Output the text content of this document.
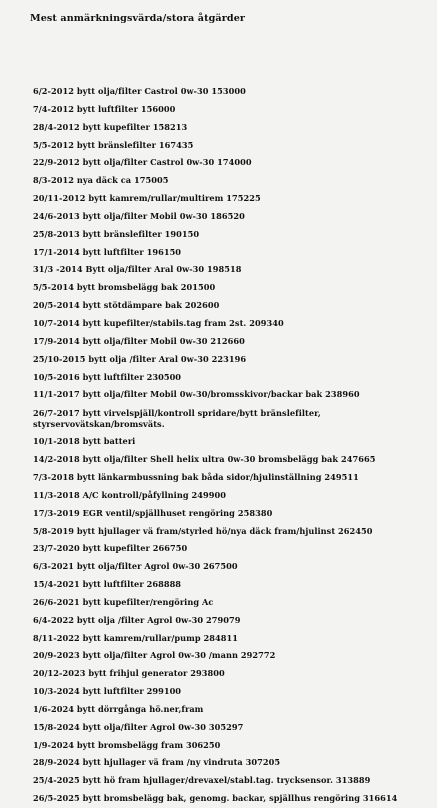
Mest anmärkningsvärda/stora åtgärder
6/2-2012 bytt olja/filter Castrol 0w-30 153000
7/4-2012 bytt luftfilter 156000
28/4-2012 bytt kupefilter 158213
5/5-2012 bytt bränslefilter 167435
22/9-2012 bytt olja/filter Castrol 0w-30 174000
8/3-2012 nya däck ca 175005
20/11-2012 bytt kamrem/rullar/multirem 175225
24/6-2013 bytt olja/filter Mobil 0w-30 186520
25/8-2013 bytt bränslefilter 190150
17/1-2014 bytt luftfilter 196150
31/3 -2014 Bytt olja/filter Aral 0w-30 198518
5/5-2014 bytt bromsbelägg bak 201500
20/5-2014 bytt stötdämpare bak 202600
10/7-2014 bytt kupefilter/stabils.tag fram 2st. 209340
17/9-2014 bytt olja/filter Mobil 0w-30 212660
25/10-2015 bytt olja /filter Aral 0w-30 223196
10/5-2016 bytt luftfilter 230500
11/1-2017 bytt olja/filter Mobil 0w-30/bromsskivor/backar bak 238960
26/7-2017 bytt virvelspjäll/kontroll spridare/bytt bränslefilter, styrservovätskan/bromsväts.
10/1-2018 bytt batteri
14/2-2018 bytt olja/filter Shell helix ultra 0w-30 bromsbelägg bak 247665
7/3-2018 bytt länkarmbussning bak båda sidor/hjulinställning 249511
11/3-2018 A/C kontroll/påfyllning 249900
17/3-2019 EGR ventil/spjällhuset rengöring 258380
5/8-2019 bytt hjullager vä fram/styrled hö/nya däck fram/hjulinst 262450
23/7-2020 bytt kupefilter 266750
6/3-2021 bytt olja/filter Agrol 0w-30 267500
15/4-2021 bytt luftfilter 268888
26/6-2021 bytt kupefilter/rengöring Ac
6/4-2022 bytt olja /filter Agrol 0w-30 279079
8/11-2022 bytt kamrem/rullar/pump 284811
20/9-2023 bytt olja/filter Agrol 0w-30 /mann 292772
20/12-2023 bytt frihjul generator 293800
10/3-2024 bytt luftfilter 299100
1/6-2024 bytt dörrgånga hö.ner,fram
15/8-2024 bytt olja/filter Agrol 0w-30 305297
1/9-2024 bytt bromsbelägg fram 306250
28/9-2024 bytt hjullager vä fram /ny vindruta 307205
25/4-2025 bytt hö fram hjullager/drevaxel/stabl.tag. trycksensor. 313889
26/5-2025 bytt bromsbelägg bak, genomg. backar, spjällhus rengöring 316614
